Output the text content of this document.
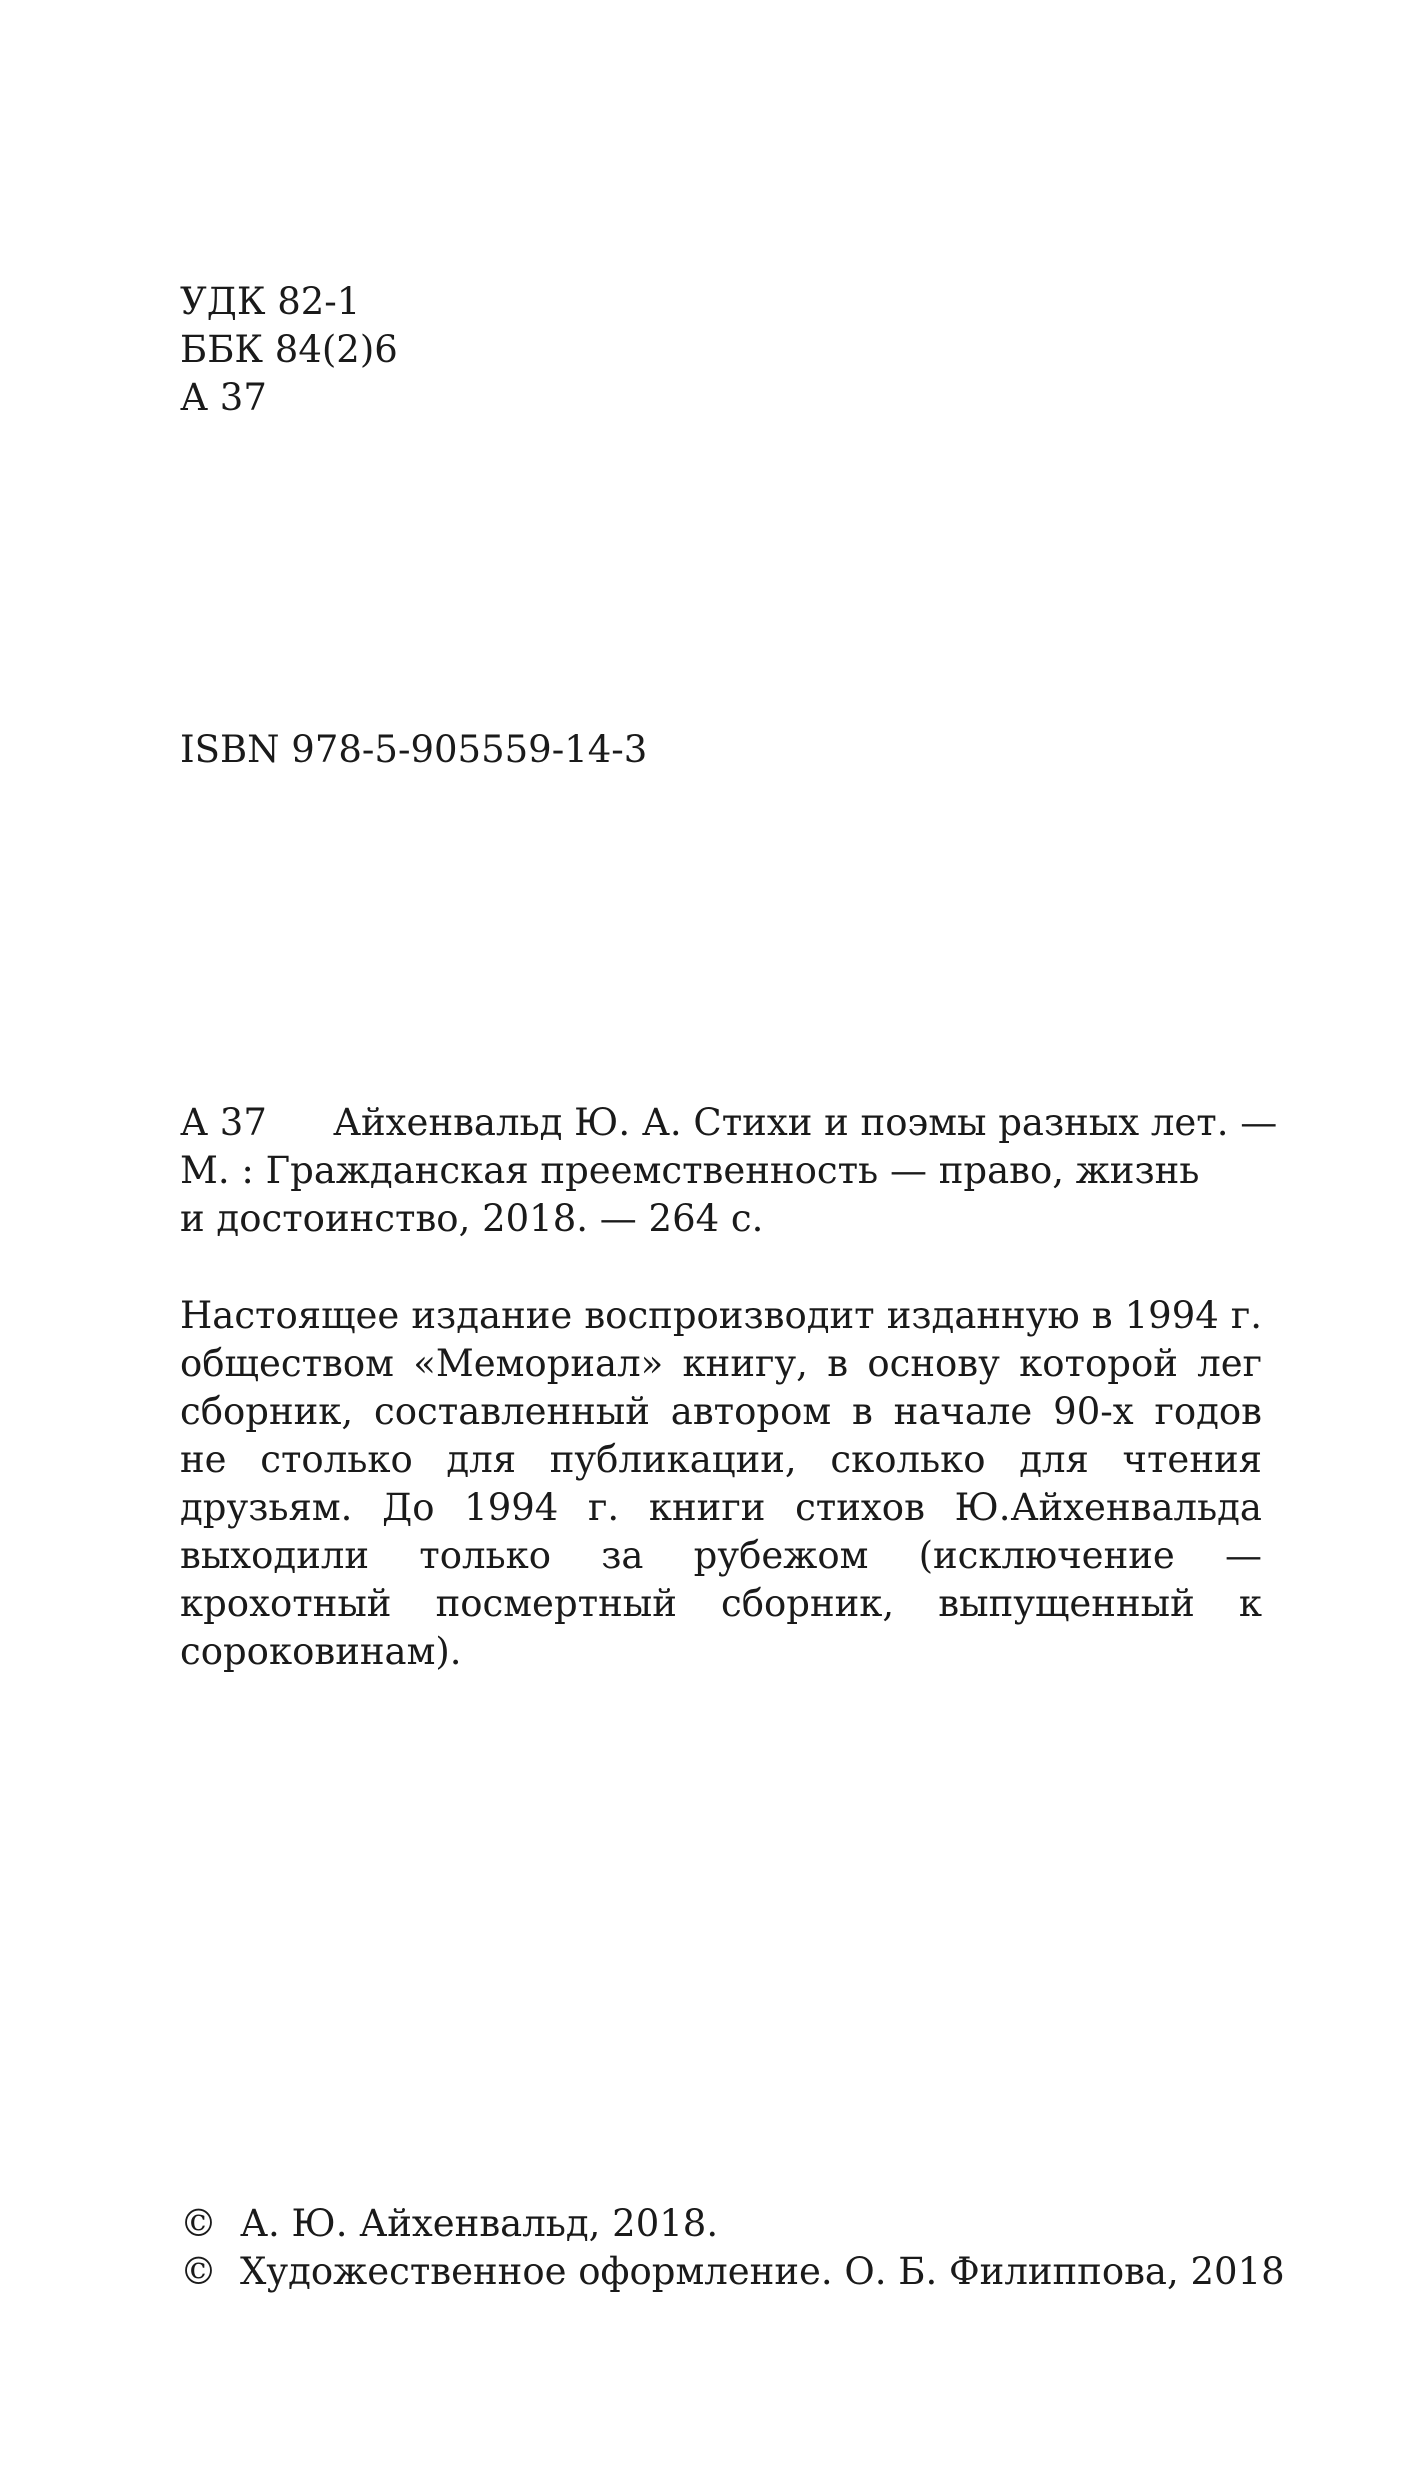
УДК 82-1
ББК 84(2)6
А 37
ISBN 978-5-905559-14-3
А 37 Айхенвальд Ю. А. Стихи и поэмы разных лет. —
М. : Гражданская преемственность — право, жизнь
и достоинство, 2018. — 264 с.
Настоящее издание воспроизводит изданную в 1994 г. обществом «Мемориал» книгу, в основу которой лег сборник, составленный автором в начале 90-х годов не столько для публикации, сколько для чтения друзьям. До 1994 г. книги стихов Ю.Айхенвальда выходили только за рубежом (исключение — крохотный посмертный сборник, выпущенный к сороковинам).
© А. Ю. Айхенвальд, 2018.
© Художественное оформление. О. Б. Филиппова, 2018
